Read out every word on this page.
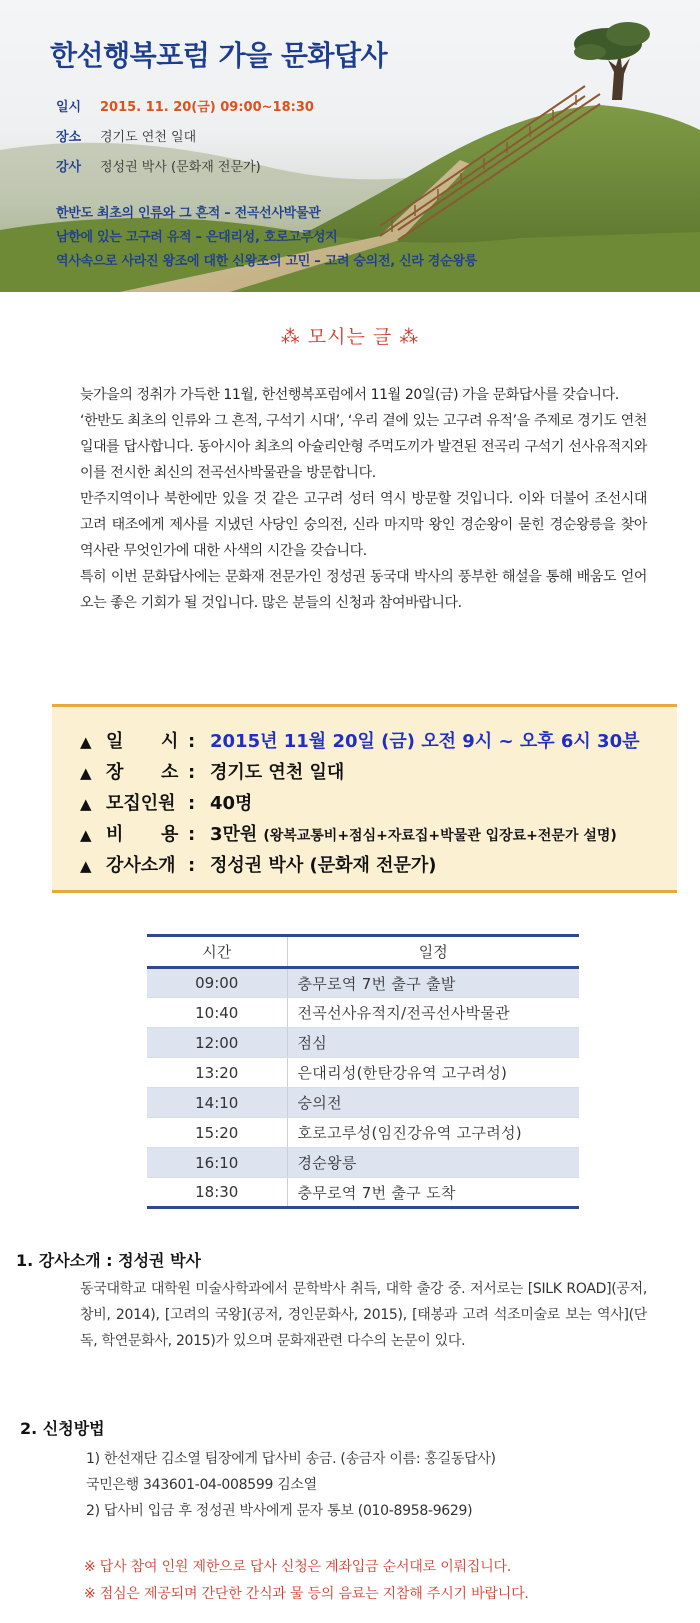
한선행복포럼 가을 문화답사
일시	2015. 11. 20(금) 09:00~18:30
장소	경기도 연천 일대
강사	정성권 박사 (문화재 전문가)
한반도 최초의 인류와 그 흔적 – 전곡선사박물관
남한에 있는 고구려 유적 – 은대리성, 호로고루성지
역사속으로 사라진 왕조에 대한 신왕조의 고민 – 고려 숭의전, 신라 경순왕릉
⁂ 모시는 글 ⁂

늦가을의 정취가 가득한 11월, 한선행복포럼에서 11월 20일(금) 가을 문화답사를 갖습니다.

‘한반도 최초의 인류와 그 흔적, 구석기 시대’, ‘우리 곁에 있는 고구려 유적’을 주제로 경기도 연천 일대를 답사합니다. 동아시아 최초의 아슐리안형 주먹도끼가 발견된 전곡리 구석기 선사유적지와 이를 전시한 최신의 전곡선사박물관을 방문합니다.

만주지역이나 북한에만 있을 것 같은 고구려 성터 역시 방문할 것입니다. 이와 더불어 조선시대 고려 태조에게 제사를 지냈던 사당인 숭의전, 신라 마지막 왕인 경순왕이 묻힌 경순왕릉을 찾아 역사란 무엇인가에 대한 사색의 시간을 갖습니다.

특히 이번 문화답사에는 문화재 전문가인 정성권 동국대 박사의 풍부한 해설을 통해 배움도 얻어 오는 좋은 기회가 될 것입니다. 많은 분들의 신청과 참여바랍니다.

▲ 일      시 : 2015년 11월 20일 (금) 오전 9시 ~ 오후 6시 30분
▲ 장      소 : 경기도 연천 일대
▲ 모집인원 : 40명
▲ 비      용 : 3만원 (왕복교통비+점심+자료집+박물관 입장료+전문가 설명)
▲ 강사소개 : 정성권 박사 (문화재 전문가)
시간	일정
09:00	충무로역 7번 출구 출발
10:40	전곡선사유적지/전곡선사박물관
12:00	점심
13:20	은대리성(한탄강유역 고구려성)
14:10	숭의전
15:20	호로고루성(임진강유역 고구려성)
16:10	경순왕릉
18:30	충무로역 7번 출구 도착
1. 강사소개 : 정성권 박사
동국대학교 대학원 미술사학과에서 문학박사 취득, 대학 출강 중. 저서로는 [SILK ROAD](공저, 창비, 2014), [고려의 국왕](공저, 경인문화사, 2015), [태봉과 고려 석조미술로 보는 역사](단독, 학연문화사, 2015)가 있으며 문화재관련 다수의 논문이 있다.
2. 신청방법
1) 한선재단 김소열 팀장에게 답사비 송금. (송금자 이름: 홍길동답사)
국민은행 343601-04-008599 김소열
2) 답사비 입금 후 정성권 박사에게 문자 통보 (010-8958-9629)
※ 답사 참여 인원 제한으로 답사 신청은 계좌입금 순서대로 이뤄집니다.
※ 점심은 제공되며 간단한 간식과 물 등의 음료는 지참해 주시기 바랍니다.
